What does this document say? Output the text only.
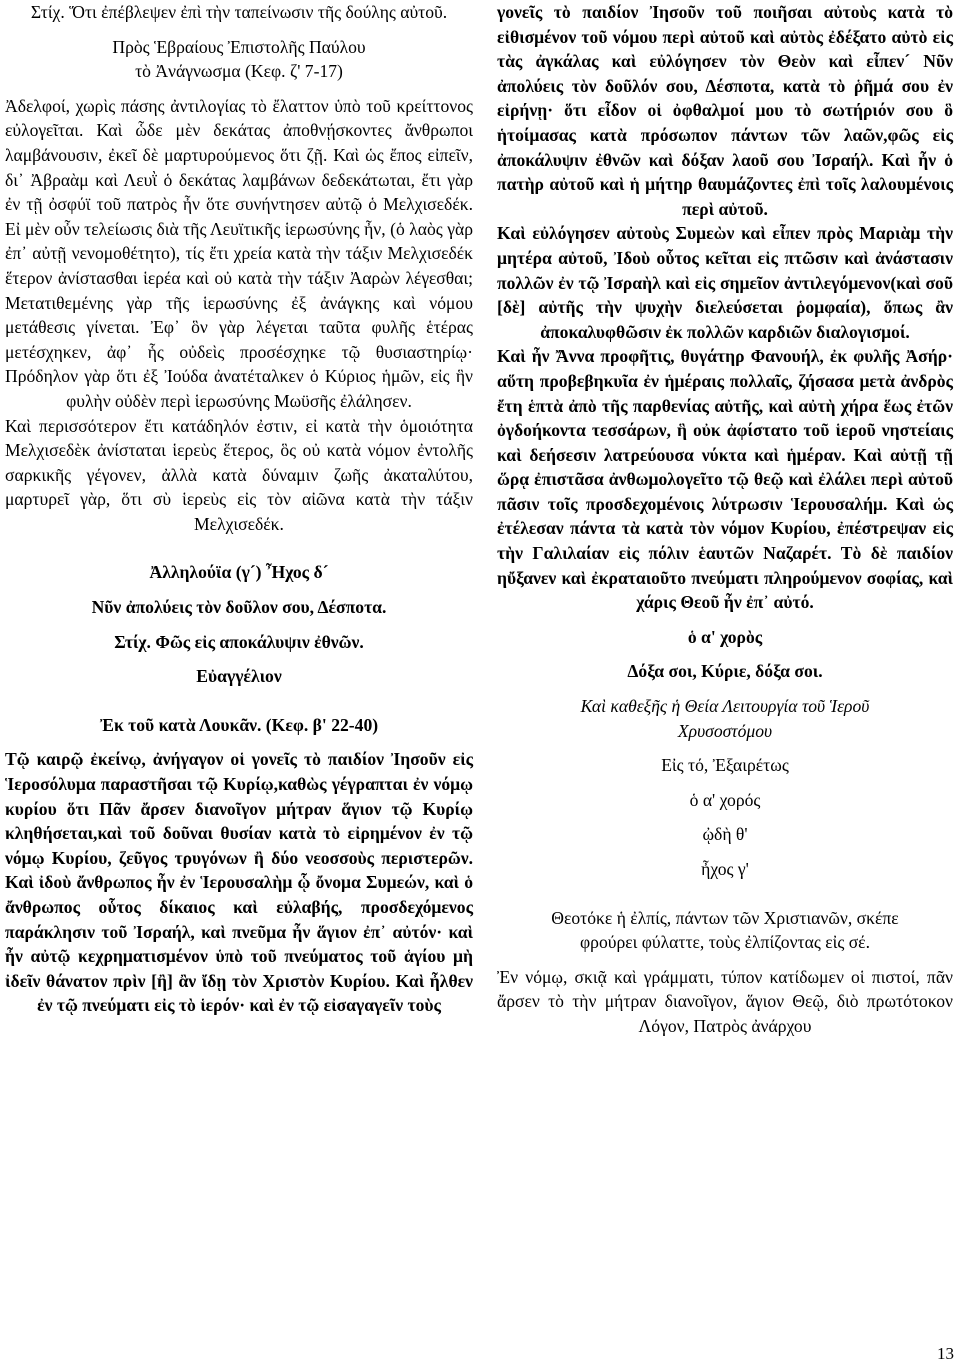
Στίχ. Ὅτι ἐπέβλεψεν ἐπὶ τὴν ταπείνωσιν τῆς δούλης αὐτοῦ.

Πρὸς Ἑβραίους Ἐπιστολῆς Παύλου τὸ Ἀνάγνωσμα (Κεφ. ζ' 7-17)

Ἀδελφοί, χωρὶς πάσης ἀντιλογίας τὸ ἔλαττον ὑπὸ τοῦ κρείττονος εὐλογεῖται. Καὶ ὧδε μὲν δεκάτας ἀποθνῄσκοντες ἄνθρωποι λαμβάνουσιν, ἐκεῖ δὲ μαρτυρούμενος ὅτι ζῇ. Καὶ ὡς ἔπος εἰπεῖν, δι᾽ Ἀβραὰμ καὶ Λευῒ ὁ δεκάτας λαμβάνων δεδεκάτωται, ἔτι γὰρ ἐν τῇ ὀσφύϊ τοῦ πατρὸς ἦν ὅτε συνήντησεν αὐτῷ ὁ Μελχισεδέκ. Εἰ μὲν οὖν τελείωσις διὰ τῆς Λευϊτικῆς ἱερωσύνης ἦν, (ὁ λαὸς γὰρ ἐπ᾽ αὐτῇ νενομοθέτητο), τίς ἔτι χρεία κατὰ τὴν τάξιν Μελχισεδέκ ἕτερον ἀνίστασθαι ἱερέα καὶ οὐ κατὰ τὴν τάξιν Ἀαρὼν λέγεσθαι; Μετατιθεμένης γὰρ τῆς ἱερωσύνης ἐξ ἀνάγκης καὶ νόμου μετάθεσις γίνεται. Ἐφ᾽ ὃν γὰρ λέγεται ταῦτα φυλῆς ἑτέρας μετέσχηκεν, ἀφ᾽ ἧς οὐδεὶς προσέσχηκε τῷ θυσιαστηρίῳ· Πρόδηλον γὰρ ὅτι ἐξ Ἰούδα ἀνατέταλκεν ὁ Κύριος ἡμῶν, εἰς ἣν φυλὴν οὐδὲν περὶ ἱερωσύνης Μωϋσῆς ἐλάλησεν.

Καὶ περισσότερον ἔτι κατάδηλόν ἐστιν, εἰ κατὰ τὴν ὁμοιότητα Μελχισεδὲκ ἀνίσταται ἱερεὺς ἕτερος, ὃς οὐ κατὰ νόμον ἐντολῆς σαρκικῆς γέγονεν, ἀλλὰ κατὰ δύναμιν ζωῆς ἀκαταλύτου, μαρτυρεῖ γὰρ, ὅτι σὺ ἱερεὺς εἰς τὸν αἰῶνα κατὰ τὴν τάξιν Μελχισεδέκ.

Ἀλληλούϊα (γ´) Ἦχος δ´

Νῦν ἀπολύεις τὸν δοῦλον σου, Δέσποτα.

Στίχ. Φῶς εἰς αποκάλυψιν ἐθνῶν.

Εὐαγγέλιον

Ἐκ τοῦ κατὰ Λουκᾶν. (Κεφ. β' 22-40)

Τῷ καιρῷ ἐκείνῳ, ἀνήγαγον οἱ γονεῖς τὸ παιδίον Ἰησοῦν εἰς Ἱεροσόλυμα παραστῆσαι τῷ Κυρίῳ,καθὼς γέγραπται ἐν νόμῳ κυρίου ὅτι Πᾶν ἄρσεν διανοῖγον μήτραν ἅγιον τῷ Κυρίῳ κληθήσεται,καὶ τοῦ δοῦναι θυσίαν κατὰ τὸ εἰρημένον ἐν τῷ νόμῳ Κυρίου, ζεῦγος τρυγόνων ἢ δύο νεοσσοὺς περιστερῶν. Καὶ ἰδοὺ ἄνθρωπος ἦν ἐν Ἱερουσαλὴμ ᾧ ὄνομα Συμεών, καὶ ὁ ἄνθρωπος οὗτος δίκαιος καὶ εὐλαβής, προσδεχόμενος παράκλησιν τοῦ Ἰσραήλ, καὶ πνεῦμα ἦν ἅγιον ἐπ᾽ αὐτόν· καὶ ἦν αὐτῷ κεχρηματισμένον ὑπὸ τοῦ πνεύματος τοῦ ἁγίου μὴ ἰδεῖν θάνατον πρὶν [ἢ] ἂν ἴδῃ τὸν Χριστὸν Κυρίου. Καὶ ἦλθεν ἐν τῷ πνεύματι εἰς τὸ ἱερόν· καὶ ἐν τῷ εἰσαγαγεῖν τοὺς

γονεῖς τὸ παιδίον Ἰησοῦν τοῦ ποιῆσαι αὐτοὺς κατὰ τὸ εἰθισμένον τοῦ νόμου περὶ αὐτοῦ καὶ αὐτὸς ἐδέξατο αὐτὸ εἰς τὰς ἀγκάλας καὶ εὐλόγησεν τὸν Θεὸν καὶ εἶπεν´ Νῦν ἀπολύεις τὸν δοῦλόν σου, Δέσποτα, κατὰ τὸ ῥῆμά σου ἐν εἰρήνῃ· ὅτι εἶδον οἱ ὀφθαλμοί μου τὸ σωτήριόν σου ὃ ἡτοίμασας κατὰ πρόσωπον πάντων τῶν λαῶν,φῶς εἰς ἀποκάλυψιν ἐθνῶν καὶ δόξαν λαοῦ σου Ἰσραήλ. Καὶ ἦν ὁ πατὴρ αὐτοῦ καὶ ἡ μήτηρ θαυμάζοντες ἐπὶ τοῖς λαλουμένοις περὶ αὐτοῦ.

Καὶ εὐλόγησεν αὐτοὺς Συμεὼν καὶ εἶπεν πρὸς Μαριὰμ τὴν μητέρα αὐτοῦ, Ἰδοὺ οὗτος κεῖται εἰς πτῶσιν καὶ ἀνάστασιν πολλῶν ἐν τῷ Ἰσραὴλ καὶ εἰς σημεῖον ἀντιλεγόμενον(καὶ σοῦ [δὲ] αὐτῆς τὴν ψυχὴν διελεύσεται ῥομφαία), ὅπως ἂν ἀποκαλυφθῶσιν ἐκ πολλῶν καρδιῶν διαλογισμοί.

Καὶ ἦν Ἄννα προφῆτις, θυγάτηρ Φανουήλ, ἐκ φυλῆς Ἀσήρ· αὕτη προβεβηκυῖα ἐν ἡμέραις πολλαῖς, ζήσασα μετὰ ἀνδρὸς ἔτη ἑπτὰ ἀπὸ τῆς παρθενίας αὐτῆς, καὶ αὐτὴ χήρα ἕως ἐτῶν ὀγδοήκοντα τεσσάρων, ἣ οὐκ ἀφίστατο τοῦ ἱεροῦ νηστείαις καὶ δεήσεσιν λατρεύουσα νύκτα καὶ ἡμέραν. Καὶ αὐτῇ τῇ ὥρᾳ ἐπιστᾶσα ἀνθωμολογεῖτο τῷ θεῷ καὶ ἐλάλει περὶ αὐτοῦ πᾶσιν τοῖς προσδεχομένοις λύτρωσιν Ἱερουσαλήμ. Καὶ ὡς ἐτέλεσαν πάντα τὰ κατὰ τὸν νόμον Κυρίου, ἐπέστρεψαν εἰς τὴν Γαλιλαίαν εἰς πόλιν ἑαυτῶν Ναζαρέτ. Τὸ δὲ παιδίον ηὔξανεν καὶ ἐκραταιοῦτο πνεύματι πληρούμενον σοφίας, καὶ χάρις Θεοῦ ἦν ἐπ᾽ αὐτό.

ὁ α' χορὸς

Δόξα σοι, Κύριε, δόξα σοι.

Καὶ καθεξῆς ἡ Θεία Λειτουργία τοῦ Ἱεροῦ Χρυσοστόμου

Εἰς τό, Ἐξαιρέτως

ὁ α' χορός

ᾠδὴ θ'

ἦχος γ'

Θεοτόκε ἡ ἐλπίς, πάντων τῶν Χριστιανῶν, σκέπε φρούρει φύλαττε, τοὺς ἐλπίζοντας εἰς σέ.

Ἐν νόμῳ, σκιᾷ καὶ γράμματι, τύπον κατίδωμεν οἱ πιστοί, πᾶν ἄρσεν τὸ τὴν μήτραν διανοῖγον, ἅγιον Θεῷ, διὸ πρωτότοκον Λόγον, Πατρὸς ἀνάρχου

13
